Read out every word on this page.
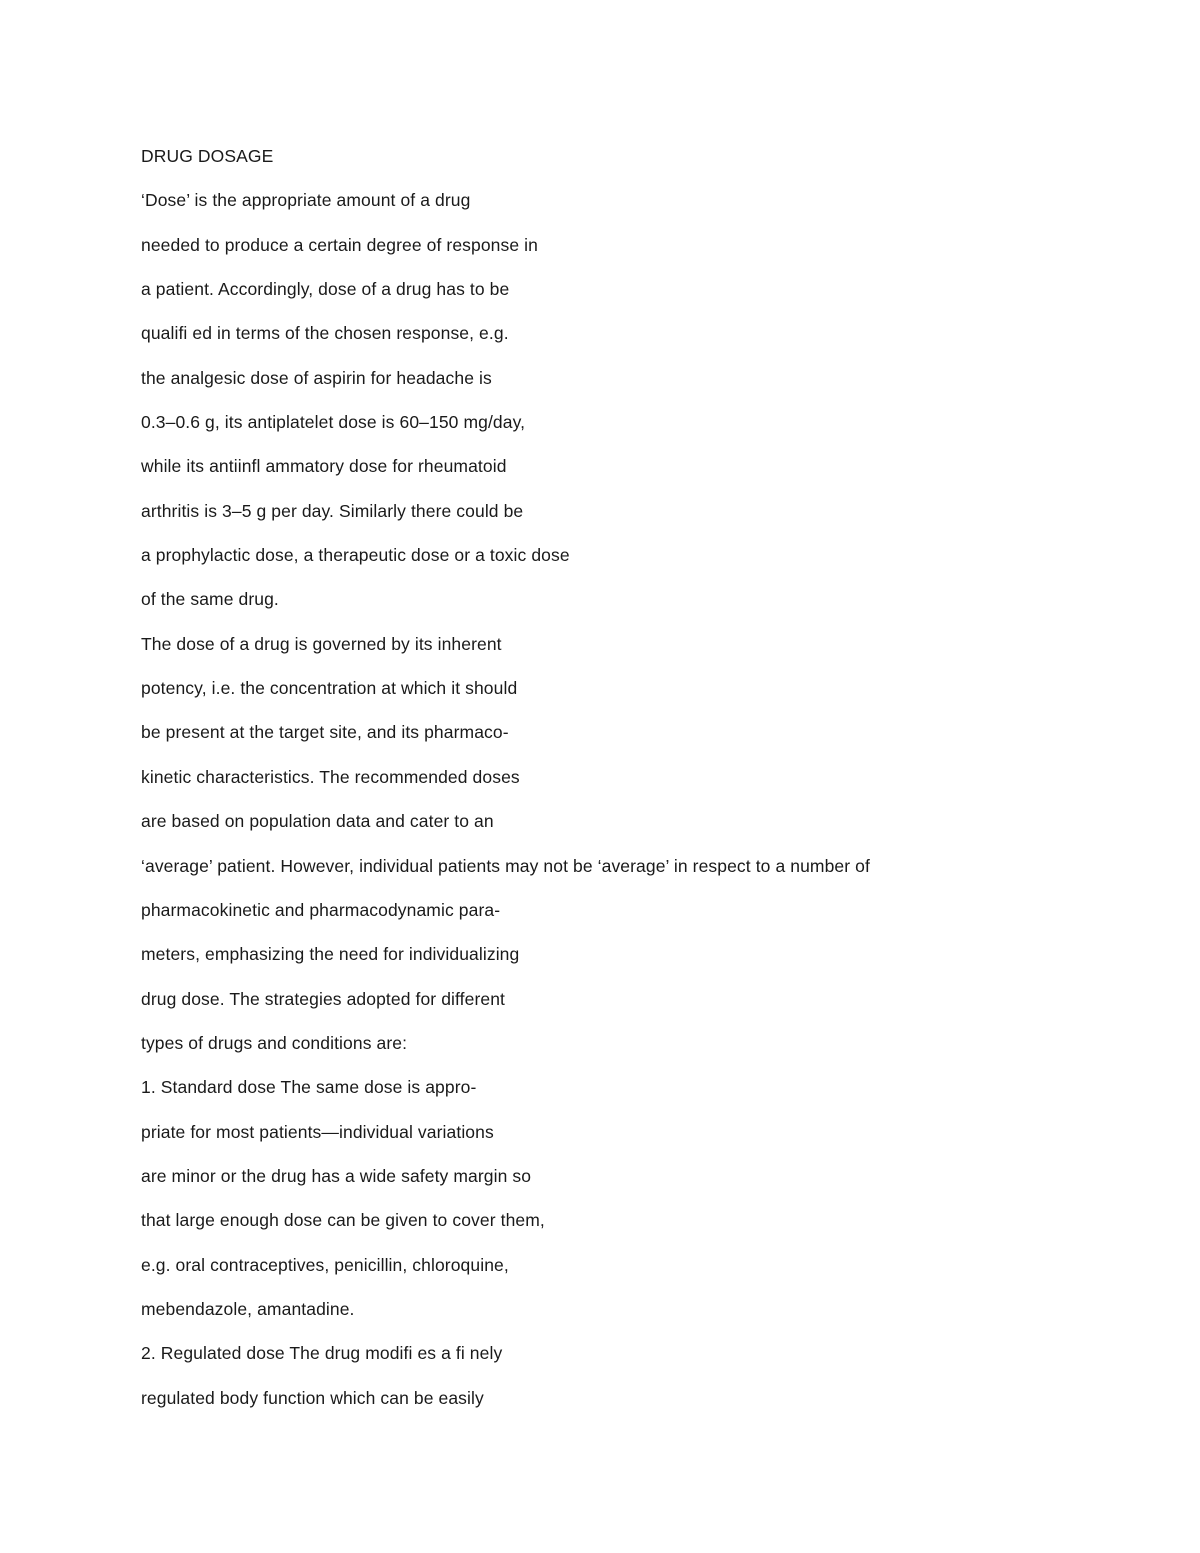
DRUG DOSAGE
‘Dose’ is the appropriate amount of a drug
needed to produce a certain degree of response in
a patient. Accordingly, dose of a drug has to be
qualifi ed in terms of the chosen response, e.g.
the analgesic dose of aspirin for headache is
0.3–0.6 g, its antiplatelet dose is 60–150 mg/day,
while its antiinfl ammatory dose for rheumatoid
arthritis is 3–5 g per day. Similarly there could be
a prophylactic dose, a therapeutic dose or a toxic dose
of the same drug.
The dose of a drug is governed by its inherent
potency, i.e. the concentration at which it should
be present at the target site, and its pharmaco-
kinetic characteristics. The recommended doses
are based on population data and cater to an
‘average’ patient. However, individual patients may not be ‘average’ in respect to a number of
pharmacokinetic and pharmacodynamic para-
meters, emphasizing the need for individualizing
drug dose. The strategies adopted for different
types of drugs and conditions are:
1. Standard dose The same dose is appro-
priate for most patients—individual variations
are minor or the drug has a wide safety margin so
that large enough dose can be given to cover them,
e.g. oral contraceptives, penicillin, chloroquine,
mebendazole, amantadine.
2. Regulated dose The drug modifi es a fi nely
regulated body function which can be easily
